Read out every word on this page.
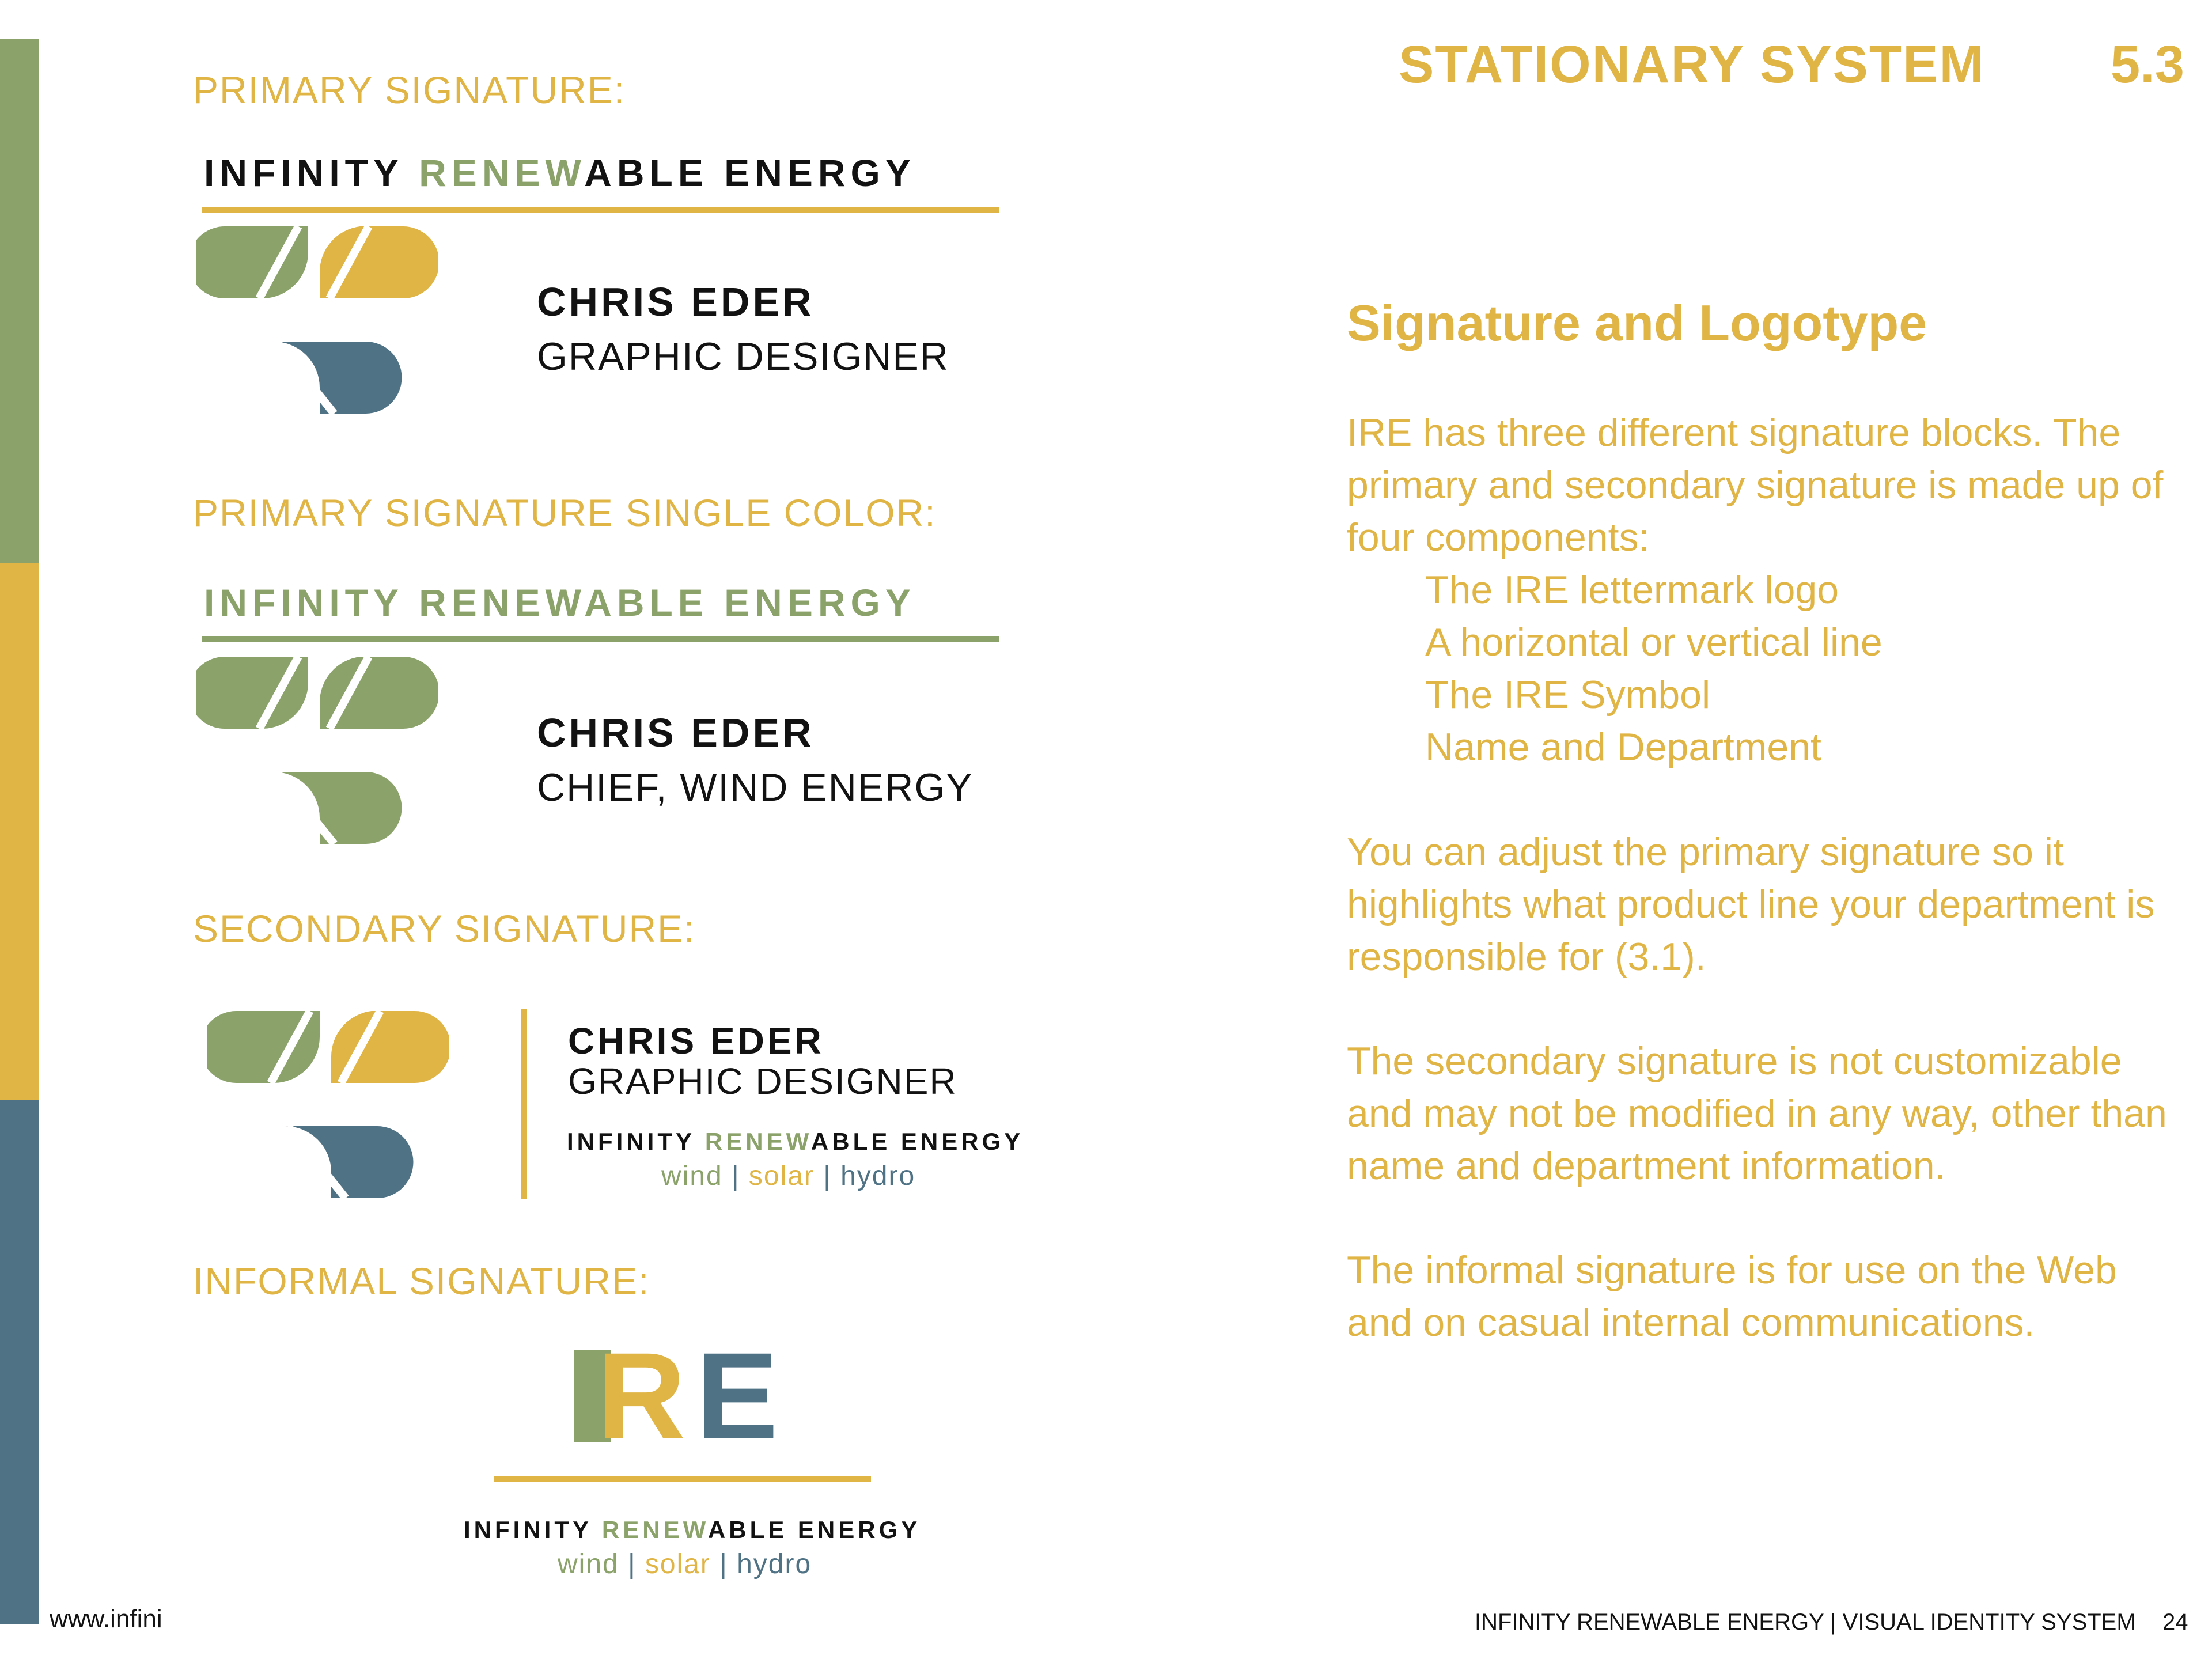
STATIONARY SYSTEM 5.3
PRIMARY SIGNATURE:
INFINITY RENEWABLE ENERGY
CHRIS EDER
GRAPHIC DESIGNER
PRIMARY SIGNATURE SINGLE COLOR:
INFINITY RENEWABLE ENERGY
CHRIS EDER
CHIEF, WIND ENERGY
SECONDARY SIGNATURE:
CHRIS EDER
GRAPHIC DESIGNER
INFINITY RENEWABLE ENERGY
wind | solar | hydro
INFORMAL SIGNATURE:
R E
INFINITY RENEWABLE ENERGY
wind | solar | hydro
Signature and Logotype
IRE has three different signature blocks. The primary and secondary signature is made up of four components:
The IRE lettermark logo
A horizontal or vertical line
The IRE Symbol
Name and Department
You can adjust the primary signature so it highlights what product line your department is responsible for (3.1).
The secondary signature is not customizable and may not be modified in any way, other than name and department information.
The informal signature is for use on the Web and on casual internal communications.
www.infini	INFINITY RENEWABLE ENERGY | VISUAL IDENTITY SYSTEM 24
